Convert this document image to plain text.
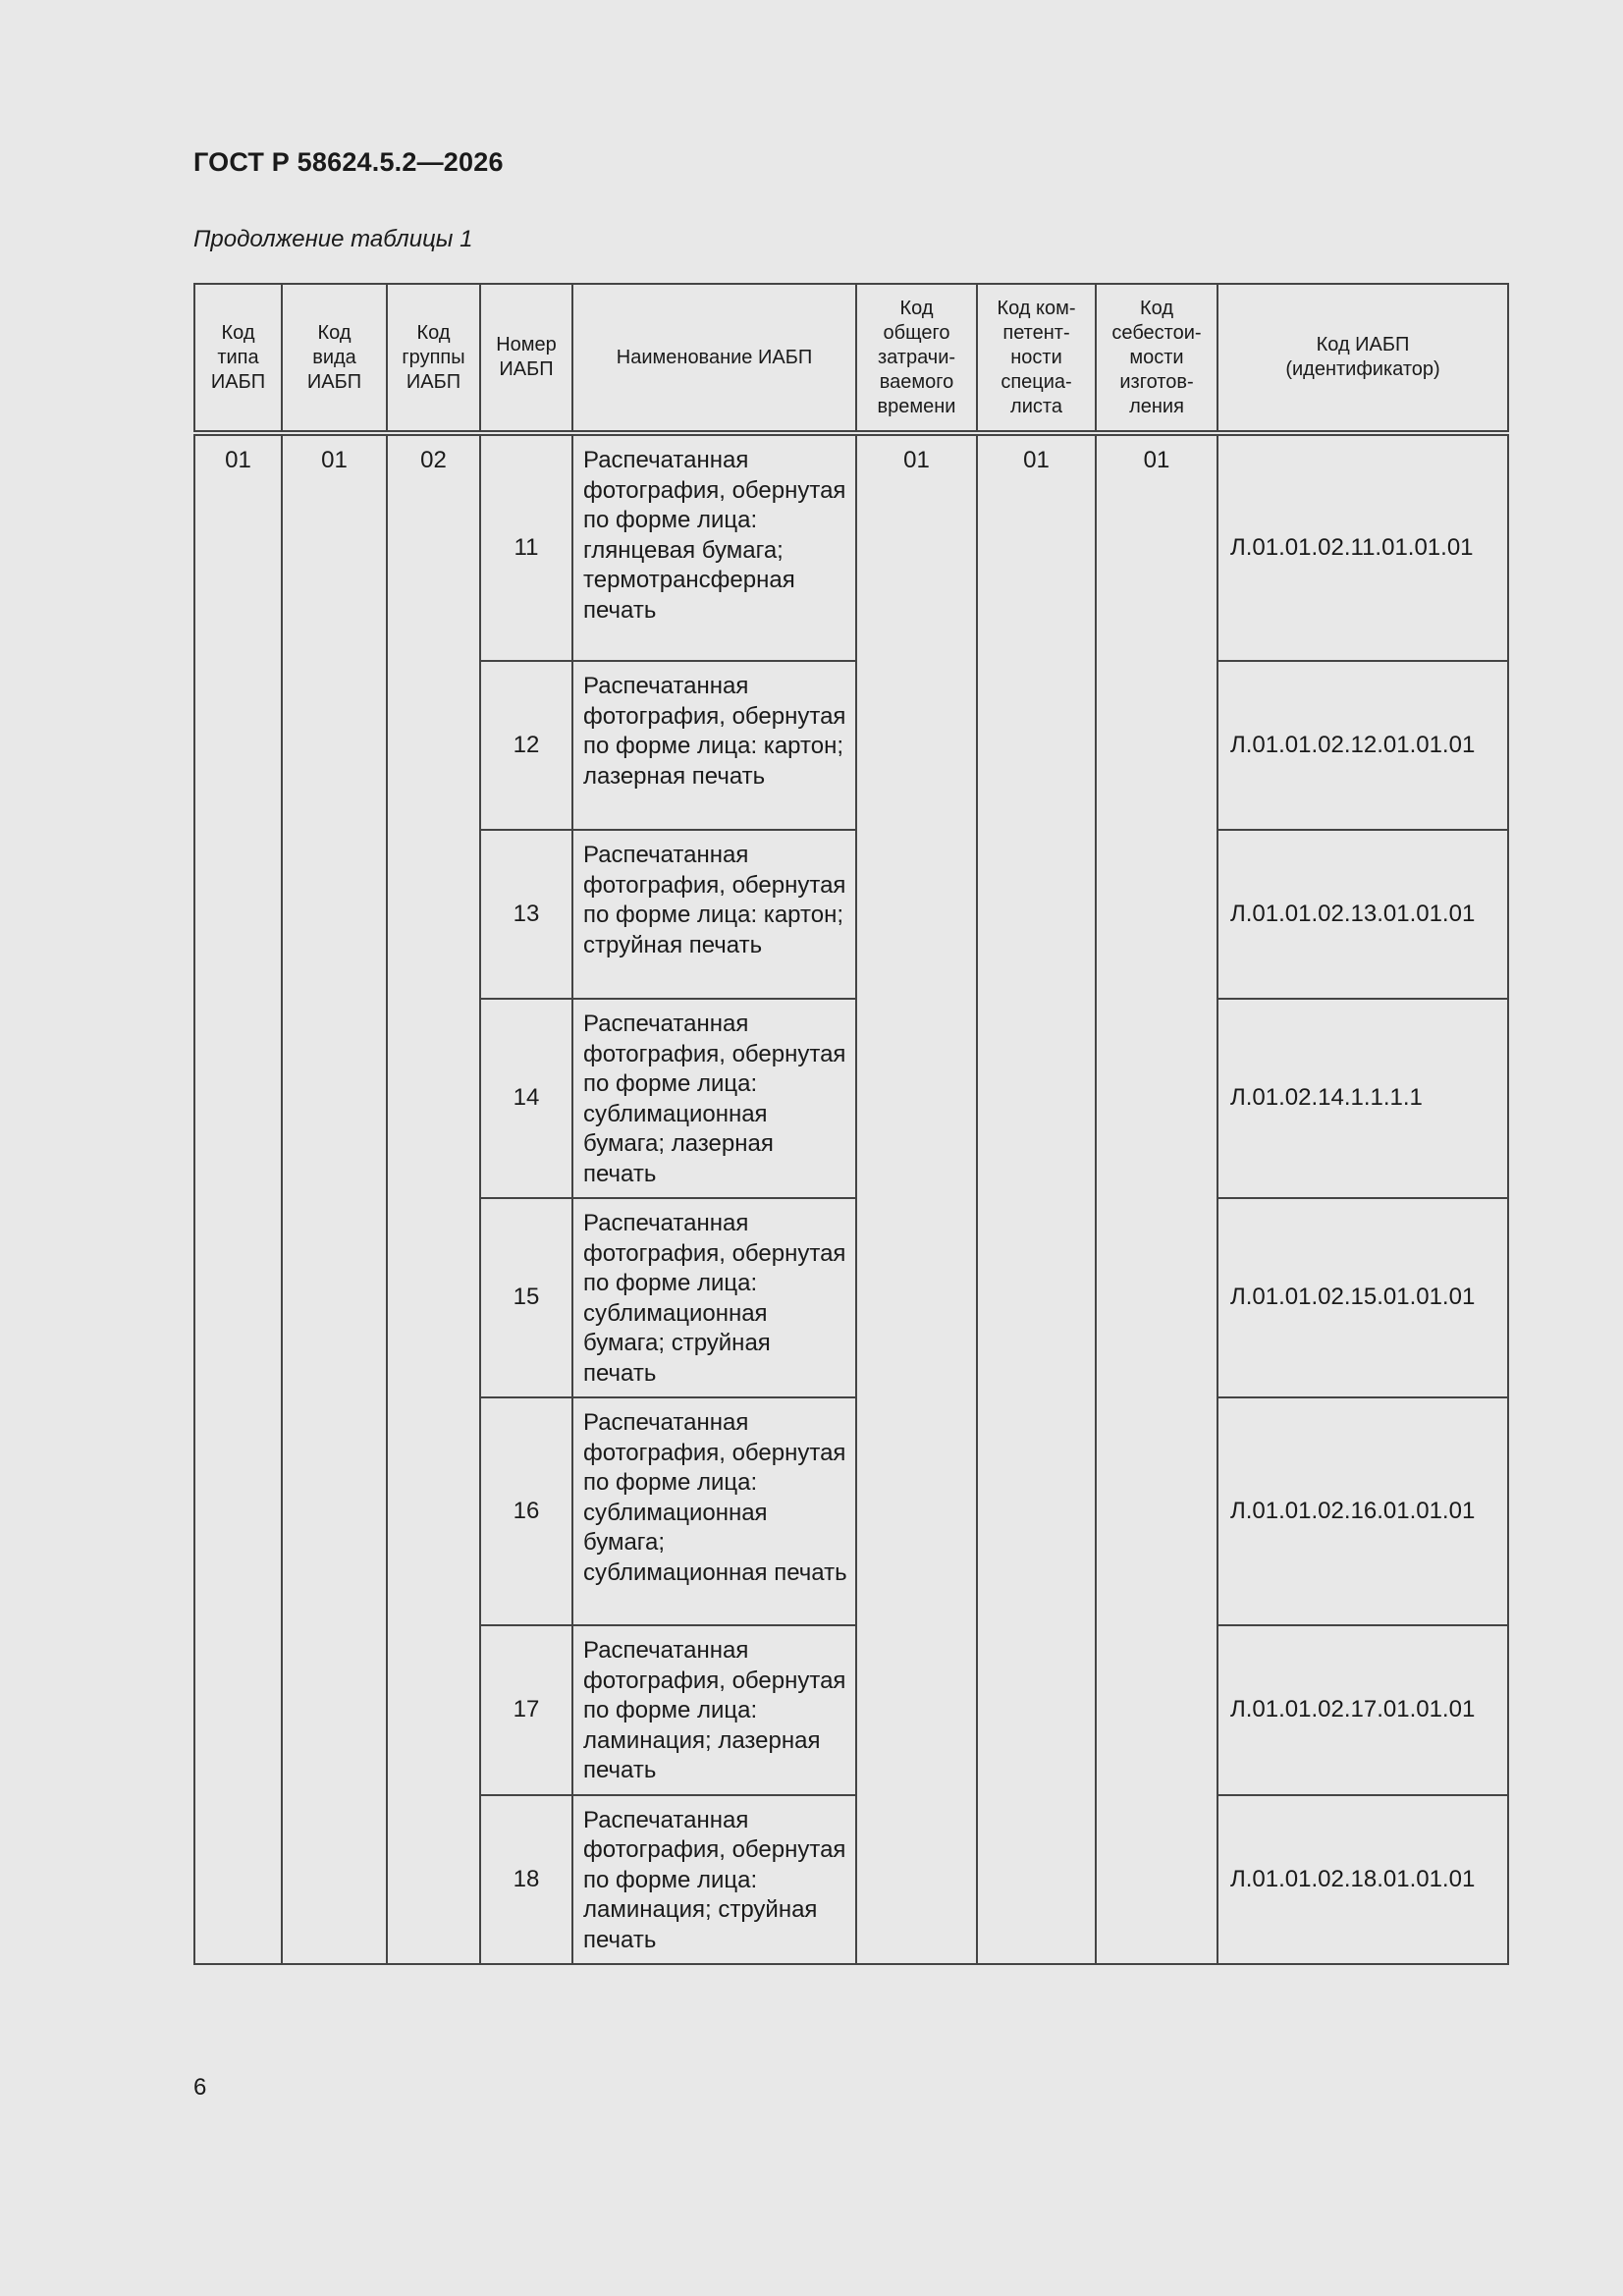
ГОСТ Р 58624.5.2—2026
Продолжение таблицы 1
Код типа ИАБП	Код вида ИАБП	Код группы ИАБП	Номер ИАБП	Наименование ИАБП	Код общего затрачи-ваемого времени	Код ком-петент-ности специа-листа	Код себестои-мости изготов-ления	Код ИАБП (идентификатор)
01	01	02	11	Распечатанная фотография, обернутая по форме лица: глянцевая бумага; термотрансферная печать	01	01	01	Л.01.01.02.11.01.01.01
			12	Распечатанная фотография, обернутая по форме лица: картон; лазерная печать				Л.01.01.02.12.01.01.01
			13	Распечатанная фотография, обернутая по форме лица: картон; струйная печать				Л.01.01.02.13.01.01.01
			14	Распечатанная фотография, обернутая по форме лица: сублимационная бумага; лазерная печать				Л.01.02.14.1.1.1.1
			15	Распечатанная фотография, обернутая по форме лица: сублимационная бумага; струйная печать				Л.01.01.02.15.01.01.01
			16	Распечатанная фотография, обернутая по форме лица: сублимационная бумага; сублимационная печать				Л.01.01.02.16.01.01.01
			17	Распечатанная фотография, обернутая по форме лица: ламинация; лазерная печать				Л.01.01.02.17.01.01.01
			18	Распечатанная фотография, обернутая по форме лица: ламинация; струйная печать				Л.01.01.02.18.01.01.01
6
